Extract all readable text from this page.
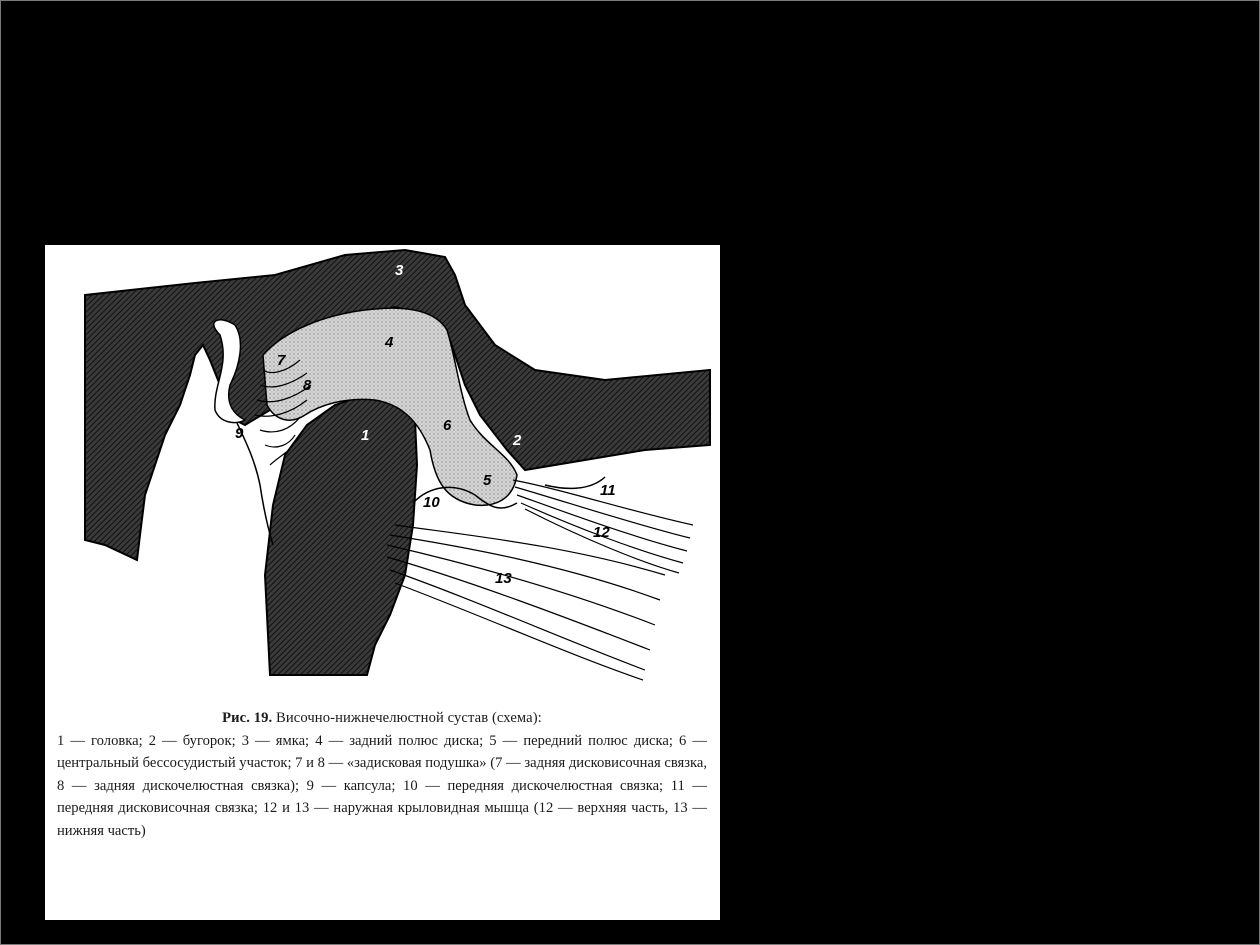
1	2
3
4
5
6
7
8
9
10
11
12
13
Рис. 19. Височно-нижнечелюстной сустав (схема):
1 — головка; 2 — бугорок; 3 — ямка; 4 — задний полюс диска; 5 — передний полюс диска; 6 — центральный бессосудистый участок; 7 и 8 — «задисковая подушка» (7 — задняя дисковисочная связка, 8 — задняя дискочелюстная связка); 9 — капсула; 10 — передняя дискочелюстная связка; 11 — передняя дисковисочная связка; 12 и 13 — наружная крыловидная мышца (12 — верхняя часть, 13 — нижняя часть)
